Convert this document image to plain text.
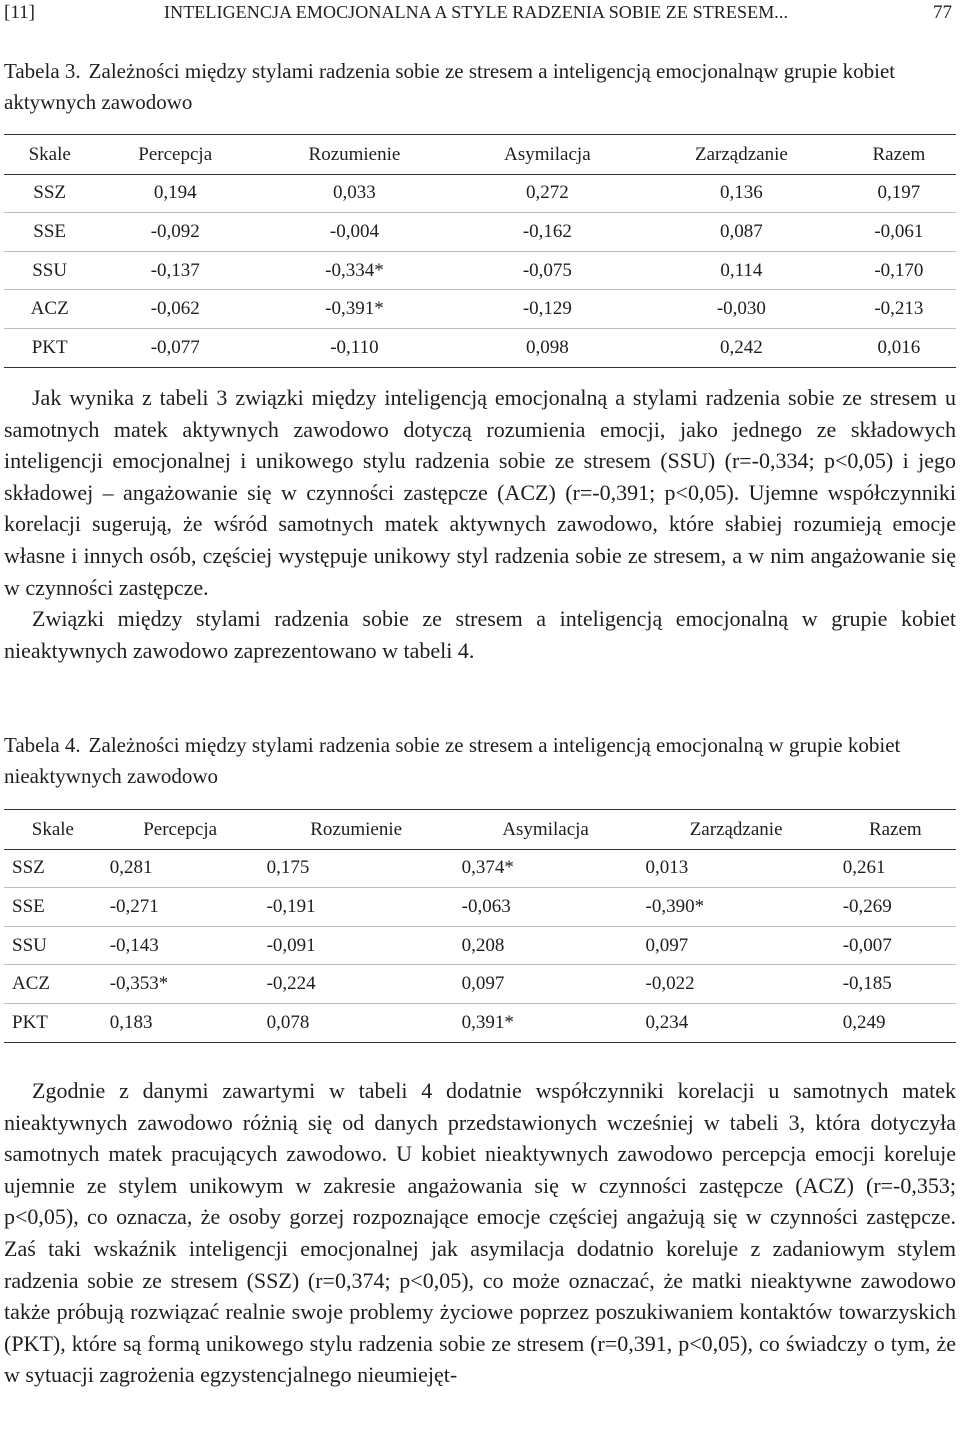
[11]	INTELIGENCJA EMOCJONALNA A STYLE RADZENIA SOBIE ZE STRESEM...	77
Tabela 3. Zależności między stylami radzenia sobie ze stresem a inteligencją emocjonalnąw grupie kobiet aktywnych zawodowo
Skale	Percepcja	Rozumienie	Asymilacja	Zarządzanie	Razem
SSZ	0,194	0,033	0,272	0,136	0,197
SSE	-0,092	-0,004	-0,162	0,087	-0,061
SSU	-0,137	-0,334*	-0,075	0,114	-0,170
ACZ	-0,062	-0,391*	-0,129	-0,030	-0,213
PKT	-0,077	-0,110	0,098	0,242	0,016

Jak wynika z tabeli 3 związki między inteligencją emocjonalną a stylami radzenia sobie ze stresem u samotnych matek aktywnych zawodowo dotyczą rozumienia emocji, jako jednego ze składowych inteligencji emocjonalnej i unikowego stylu radzenia sobie ze stresem (SSU) (r=-0,334; p<0,05) i jego składowej – angażowanie się w czynności zastępcze (ACZ) (r=-0,391; p<0,05). Ujemne współczynniki korelacji sugerują, że wśród samotnych matek aktywnych zawodowo, które słabiej rozumieją emocje własne i innych osób, częściej występuje unikowy styl radzenia sobie ze stresem, a w nim angażowanie się w czynności zastępcze.

Związki między stylami radzenia sobie ze stresem a inteligencją emocjonalną w grupie kobiet nieaktywnych zawodowo zaprezentowano w tabeli 4.

Tabela 4. Zależności między stylami radzenia sobie ze stresem a inteligencją emocjonalną w grupie kobiet nieaktywnych zawodowo
Skale	Percepcja	Rozumienie	Asymilacja	Zarządzanie	Razem
SSZ	0,281	0,175	0,374*	0,013	0,261
SSE	-0,271	-0,191	-0,063	-0,390*	-0,269
SSU	-0,143	-0,091	0,208	0,097	-0,007
ACZ	-0,353*	-0,224	0,097	-0,022	-0,185
PKT	0,183	0,078	0,391*	0,234	0,249

Zgodnie z danymi zawartymi w tabeli 4 dodatnie współczynniki korelacji u samotnych matek nieaktywnych zawodowo różnią się od danych przedstawionych wcześniej w tabeli 3, która dotyczyła samotnych matek pracujących zawodowo. U kobiet nieaktywnych zawodowo percepcja emocji koreluje ujemnie ze stylem unikowym w zakresie angażowania się w czynności zastępcze (ACZ) (r=-0,353; p<0,05), co oznacza, że osoby gorzej rozpoznające emocje częściej angażują się w czynności zastępcze. Zaś taki wskaźnik inteligencji emocjonalnej jak asymilacja dodatnio koreluje z zadaniowym stylem radzenia sobie ze stresem (SSZ) (r=0,374; p<0,05), co może oznaczać, że matki nieaktywne zawodowo także próbują rozwiązać realnie swoje problemy życiowe poprzez poszukiwaniem kontaktów towarzyskich (PKT), które są formą unikowego stylu radzenia sobie ze stresem (r=0,391, p<0,05), co świadczy o tym, że w sytuacji zagrożenia egzystencjalnego nieumiejęt-
